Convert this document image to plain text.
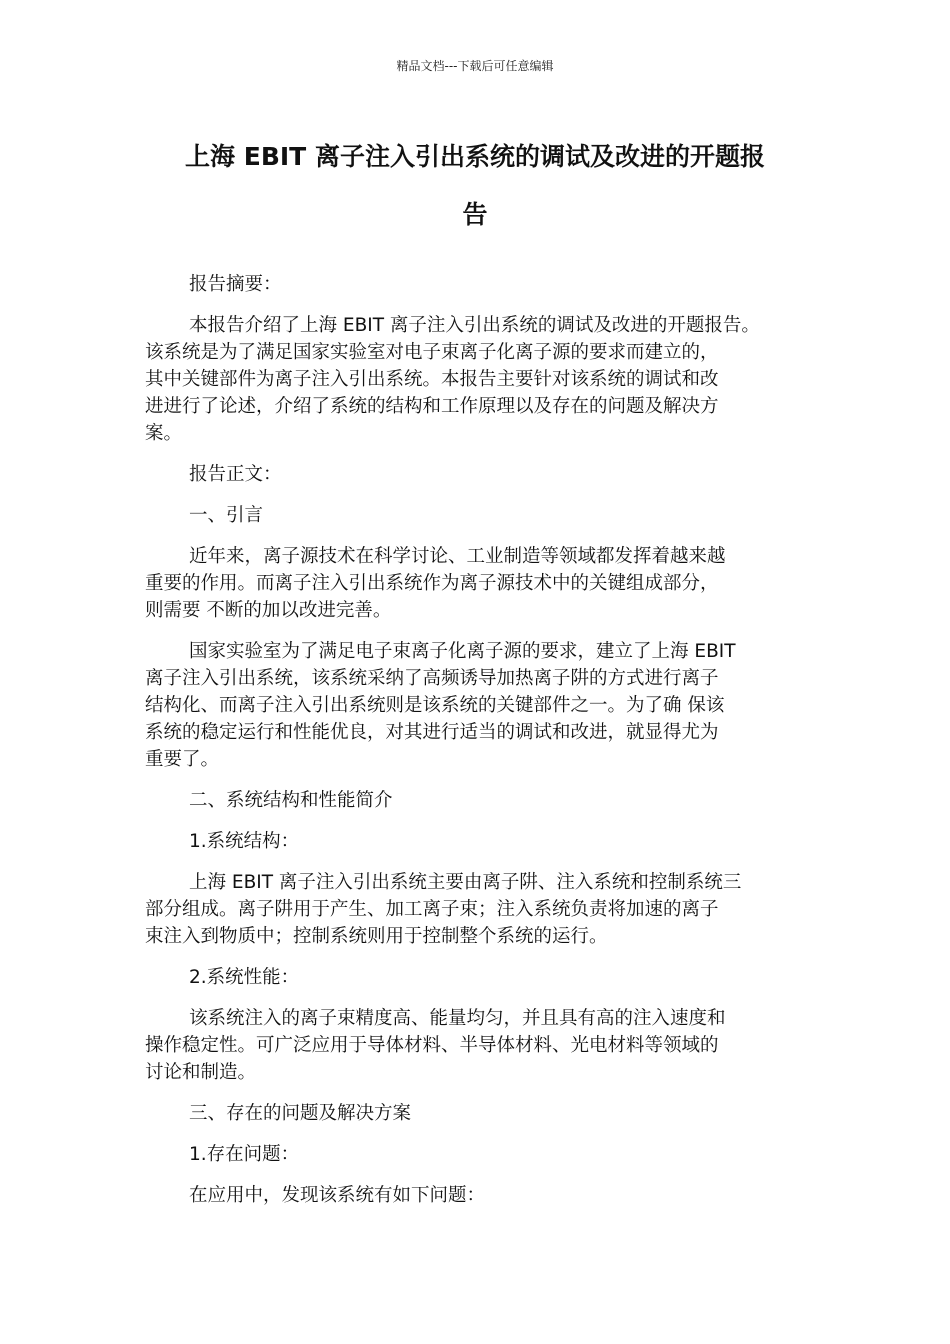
精品文档---下载后可任意编辑
上海 EBIT 离子注入引出系统的调试及改进的开题报
告

报告摘要：

本报告介绍了上海 EBIT 离子注入引出系统的调试及改进的开题报告。
该系统是为了满足国家实验室对电子束离子化离子源的要求而建立的，
其中关键部件为离子注入引出系统。本报告主要针对该系统的调试和改
进进行了论述，介绍了系统的结构和工作原理以及存在的问题及解决方
案。

报告正文：

一、引言

近年来，离子源技术在科学讨论、工业制造等领域都发挥着越来越
重要的作用。而离子注入引出系统作为离子源技术中的关键组成部分，
则需要 不断的加以改进完善。

国家实验室为了满足电子束离子化离子源的要求，建立了上海 EBIT
离子注入引出系统，该系统采纳了高频诱导加热离子阱的方式进行离子
结构化、而离子注入引出系统则是该系统的关键部件之一。为了确 保该
系统的稳定运行和性能优良，对其进行适当的调试和改进，就显得尤为
重要了。

二、系统结构和性能简介

1.系统结构：

上海 EBIT 离子注入引出系统主要由离子阱、注入系统和控制系统三
部分组成。离子阱用于产生、加工离子束；注入系统负责将加速的离子
束注入到物质中；控制系统则用于控制整个系统的运行。

2.系统性能：

该系统注入的离子束精度高、能量均匀，并且具有高的注入速度和
操作稳定性。可广泛应用于导体材料、半导体材料、光电材料等领域的
讨论和制造。

三、存在的问题及解决方案

1.存在问题：

在应用中，发现该系统有如下问题：
